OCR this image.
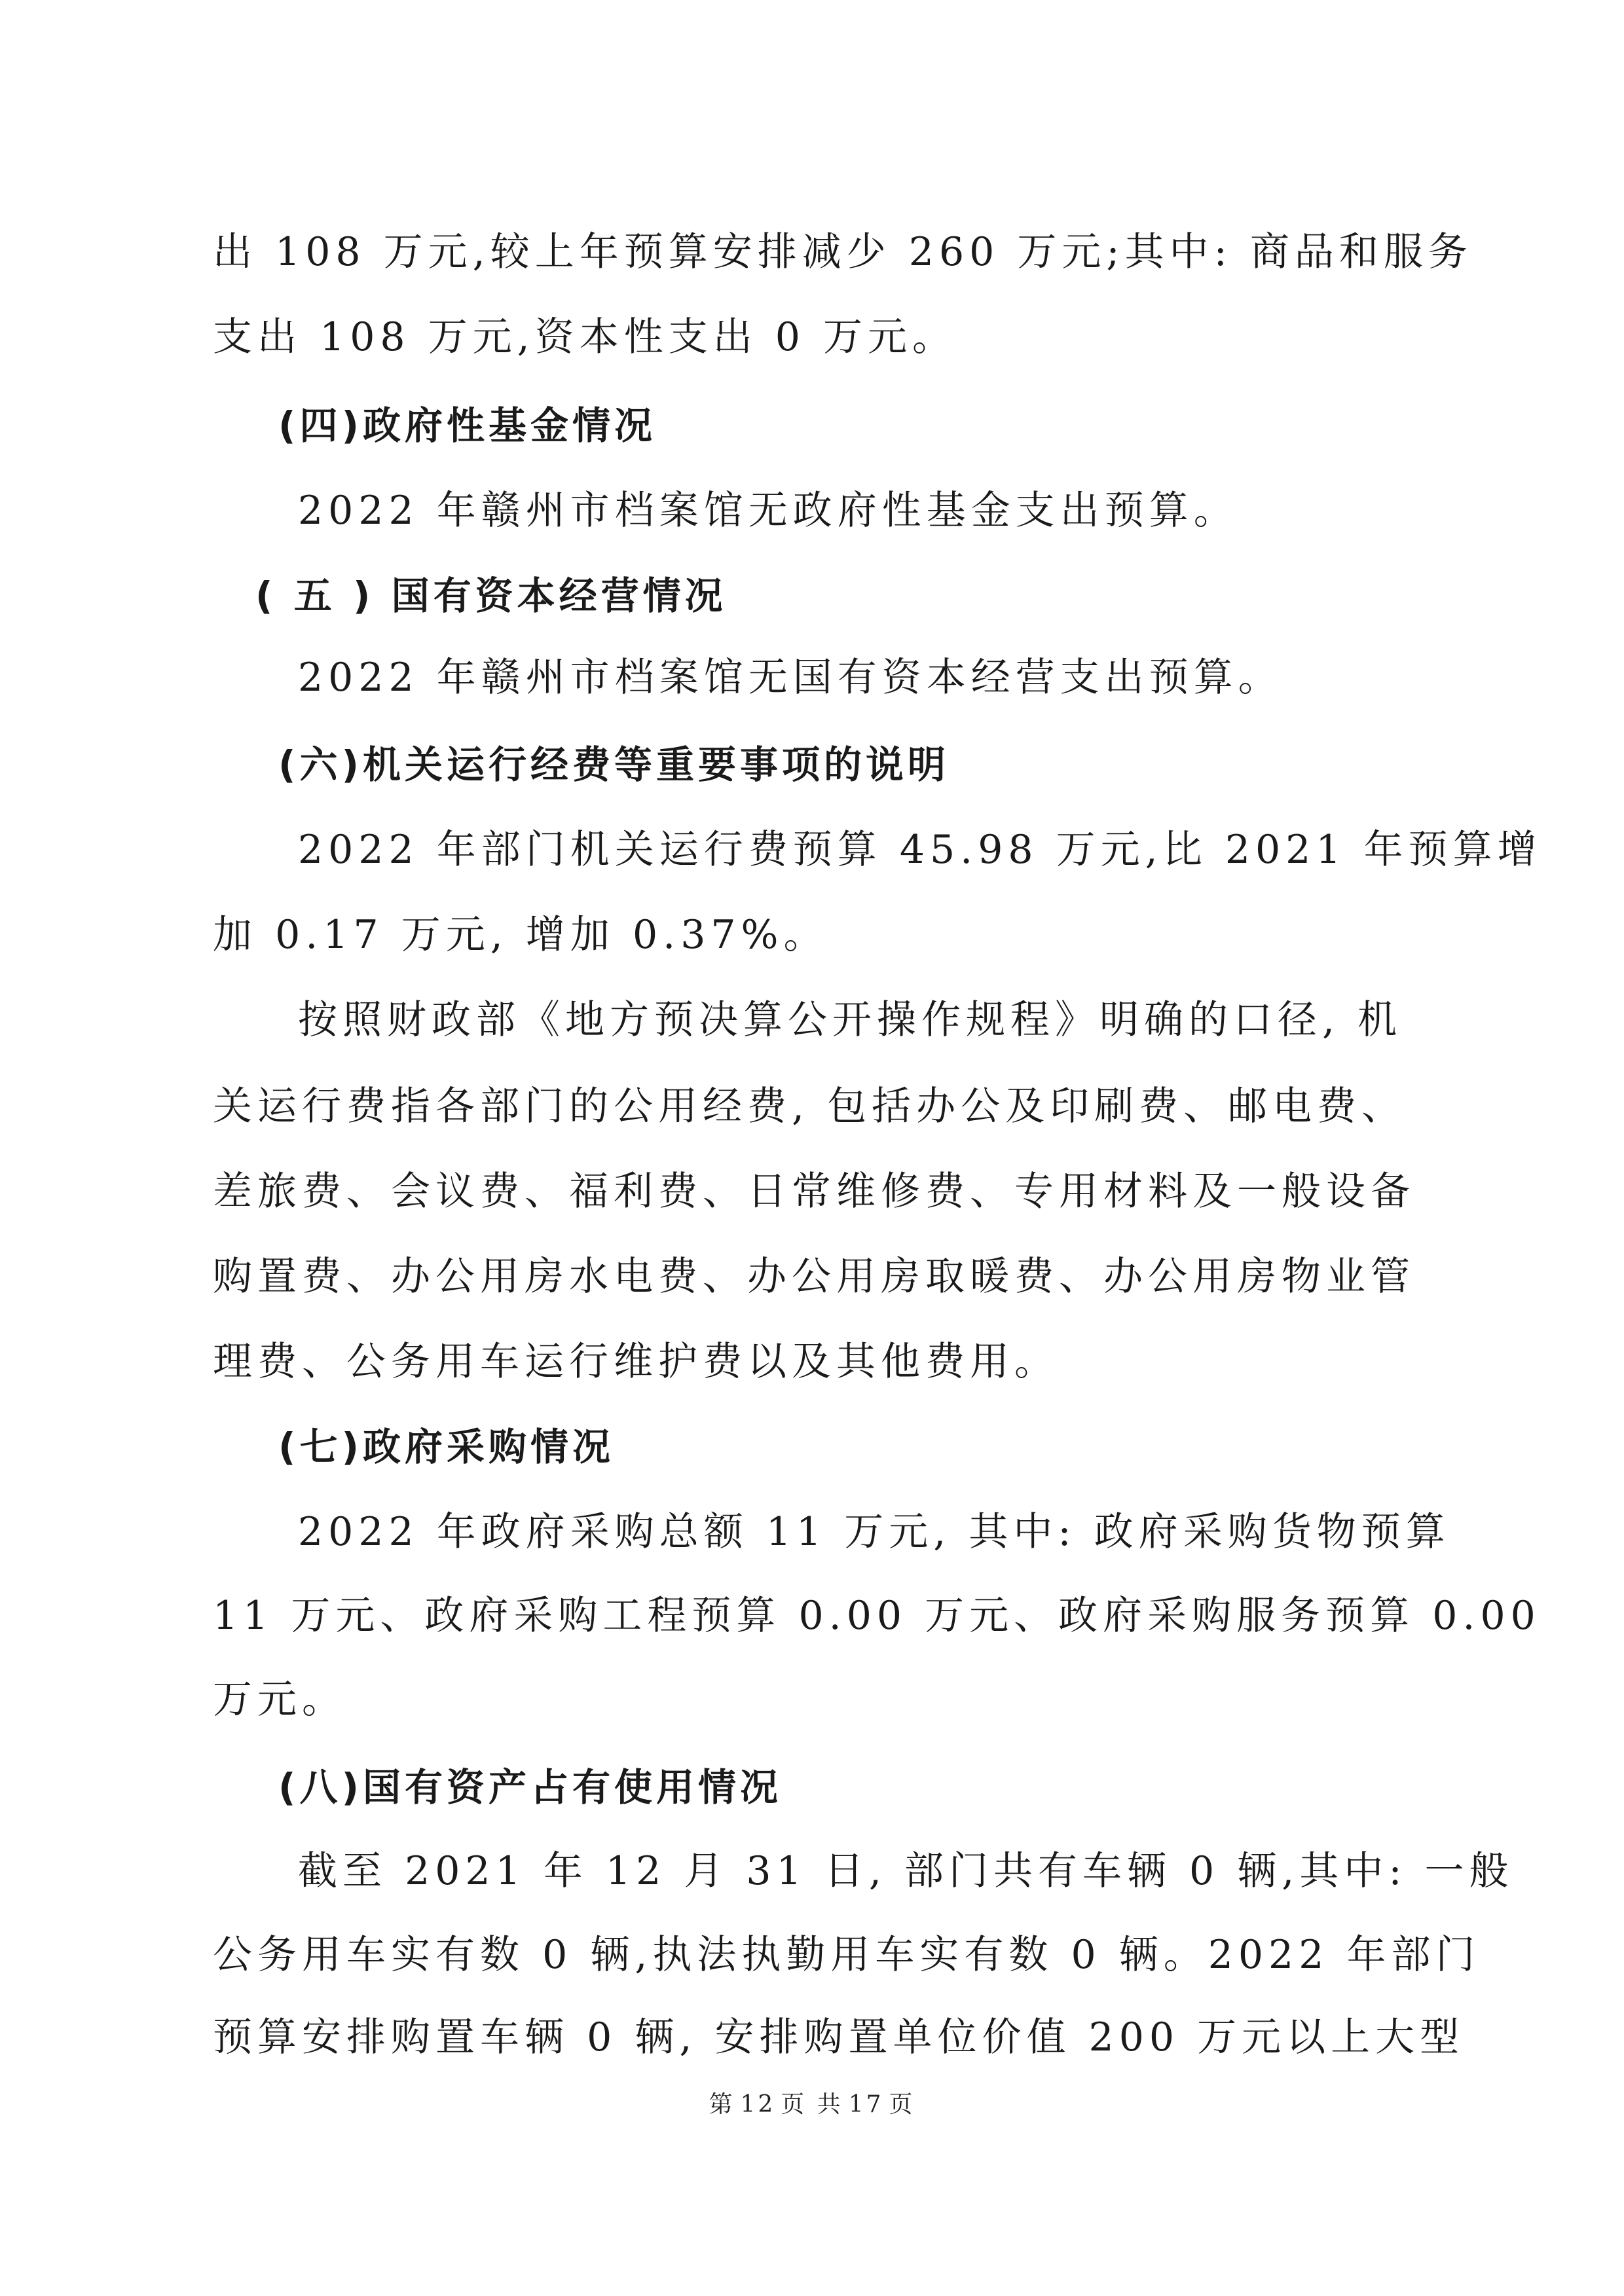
出 108 万元,较上年预算安排减少 260 万元;其中: 商品和服务
支出 108 万元,资本性支出 0 万元。
(四)政府性基金情况
2022 年赣州市档案馆无政府性基金支出预算。
( 五 ) 国有资本经营情况
2022 年赣州市档案馆无国有资本经营支出预算。
(六)机关运行经费等重要事项的说明
2022 年部门机关运行费预算 45.98 万元,比 2021 年预算增
加 0.17 万元, 增加 0.37%。
按照财政部《地方预决算公开操作规程》明确的口径, 机
关运行费指各部门的公用经费, 包括办公及印刷费、邮电费、
差旅费、会议费、福利费、日常维修费、专用材料及一般设备
购置费、办公用房水电费、办公用房取暖费、办公用房物业管
理费、公务用车运行维护费以及其他费用。
(七)政府采购情况
2022 年政府采购总额 11 万元, 其中: 政府采购货物预算
11 万元、政府采购工程预算 0.00 万元、政府采购服务预算 0.00
万元。
(八)国有资产占有使用情况
截至 2021 年 12 月 31 日, 部门共有车辆 0 辆,其中: 一般
公务用车实有数 0 辆,执法执勤用车实有数 0 辆。2022 年部门
预算安排购置车辆 0 辆, 安排购置单位价值 200 万元以上大型
第 12 页 共 17 页
